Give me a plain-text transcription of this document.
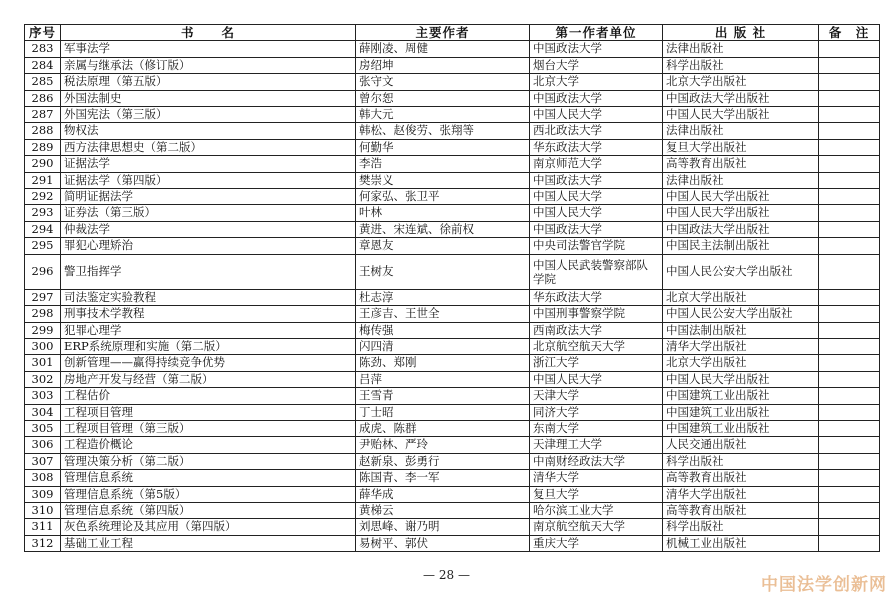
序号	书　　名	主要作者	第一作者单位	出 版 社	备　注
283	军事法学	薛刚凌、周健	中国政法大学	法律出版社	
284	亲属与继承法（修订版）	房绍坤	烟台大学	科学出版社	
285	税法原理（第五版）	张守文	北京大学	北京大学出版社	
286	外国法制史	曾尔恕	中国政法大学	中国政法大学出版社	
287	外国宪法（第三版）	韩大元	中国人民大学	中国人民大学出版社	
288	物权法	韩松、赵俊劳、张翔等	西北政法大学	法律出版社	
289	西方法律思想史（第二版）	何勤华	华东政法大学	复旦大学出版社	
290	证据法学	李浩	南京师范大学	高等教育出版社	
291	证据法学（第四版）	樊崇义	中国政法大学	法律出版社	
292	简明证据法学	何家弘、张卫平	中国人民大学	中国人民大学出版社	
293	证券法（第三版）	叶林	中国人民大学	中国人民大学出版社	
294	仲裁法学	黄进、宋连斌、徐前权	中国政法大学	中国政法大学出版社	
295	罪犯心理矫治	章恩友	中央司法警官学院	中国民主法制出版社	
296	警卫指挥学	王树友	中国人民武装警察部队学院	中国人民公安大学出版社	
297	司法鉴定实验教程	杜志淳	华东政法大学	北京大学出版社	
298	刑事技术学教程	王彦吉、王世全	中国刑事警察学院	中国人民公安大学出版社	
299	犯罪心理学	梅传强	西南政法大学	中国法制出版社	
300	ERP系统原理和实施（第二版）	闪四清	北京航空航天大学	清华大学出版社	
301	创新管理——赢得持续竞争优势	陈劲、郑刚	浙江大学	北京大学出版社	
302	房地产开发与经营（第二版）	吕萍	中国人民大学	中国人民大学出版社	
303	工程估价	王雪青	天津大学	中国建筑工业出版社	
304	工程项目管理	丁士昭	同济大学	中国建筑工业出版社	
305	工程项目管理（第三版）	成虎、陈群	东南大学	中国建筑工业出版社	
306	工程造价概论	尹贻林、严玲	天津理工大学	人民交通出版社	
307	管理决策分析（第二版）	赵新泉、彭勇行	中南财经政法大学	科学出版社	
308	管理信息系统	陈国青、李一军	清华大学	高等教育出版社	
309	管理信息系统（第5版）	薛华成	复旦大学	清华大学出版社	
310	管理信息系统（第四版）	黄梯云	哈尔滨工业大学	高等教育出版社	
311	灰色系统理论及其应用（第四版）	刘思峰、谢乃明	南京航空航天大学	科学出版社	
312	基础工业工程	易树平、郭伏	重庆大学	机械工业出版社	
— 28 —	中国法学创新网
